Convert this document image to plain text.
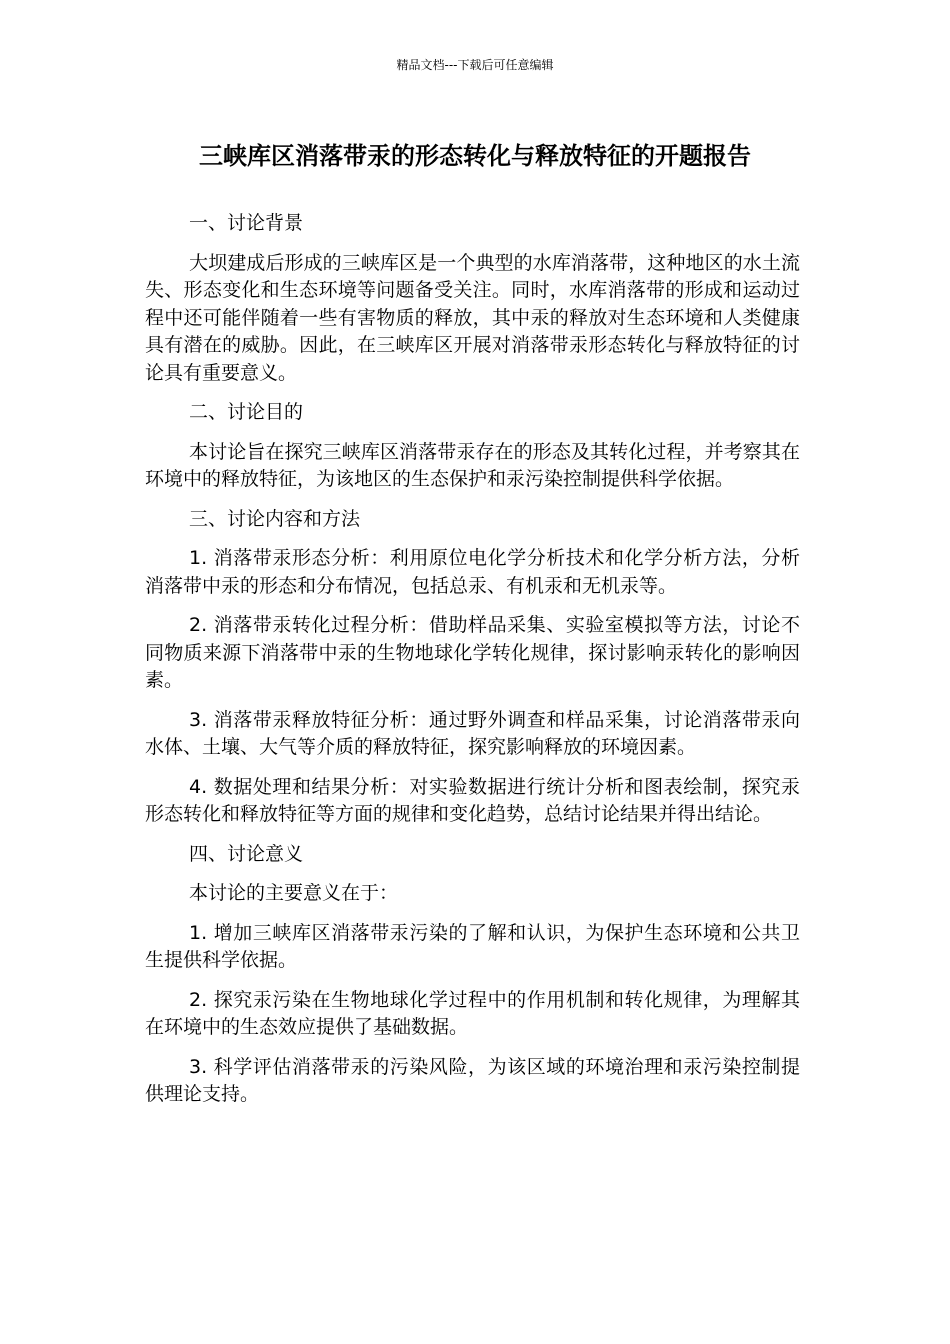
精品文档---下载后可任意编辑
三峡库区消落带汞的形态转化与释放特征的开题报告

一、讨论背景

大坝建成后形成的三峡库区是一个典型的水库消落带，这种地区的水土流失、形态变化和生态环境等问题备受关注。同时，水库消落带的形成和运动过程中还可能伴随着一些有害物质的释放，其中汞的释放对生态环境和人类健康具有潜在的威胁。因此，在三峡库区开展对消落带汞形态转化与释放特征的讨论具有重要意义。

二、讨论目的

本讨论旨在探究三峡库区消落带汞存在的形态及其转化过程，并考察其在环境中的释放特征，为该地区的生态保护和汞污染控制提供科学依据。

三、讨论内容和方法

1. 消落带汞形态分析：利用原位电化学分析技术和化学分析方法，分析消落带中汞的形态和分布情况，包括总汞、有机汞和无机汞等。

2. 消落带汞转化过程分析：借助样品采集、实验室模拟等方法，讨论不同物质来源下消落带中汞的生物地球化学转化规律，探讨影响汞转化的影响因素。

3. 消落带汞释放特征分析：通过野外调查和样品采集，讨论消落带汞向水体、土壤、大气等介质的释放特征，探究影响释放的环境因素。

4. 数据处理和结果分析：对实验数据进行统计分析和图表绘制，探究汞形态转化和释放特征等方面的规律和变化趋势，总结讨论结果并得出结论。

四、讨论意义

本讨论的主要意义在于：

1. 增加三峡库区消落带汞污染的了解和认识，为保护生态环境和公共卫生提供科学依据。

2. 探究汞污染在生物地球化学过程中的作用机制和转化规律，为理解其在环境中的生态效应提供了基础数据。

3. 科学评估消落带汞的污染风险，为该区域的环境治理和汞污染控制提供理论支持。
